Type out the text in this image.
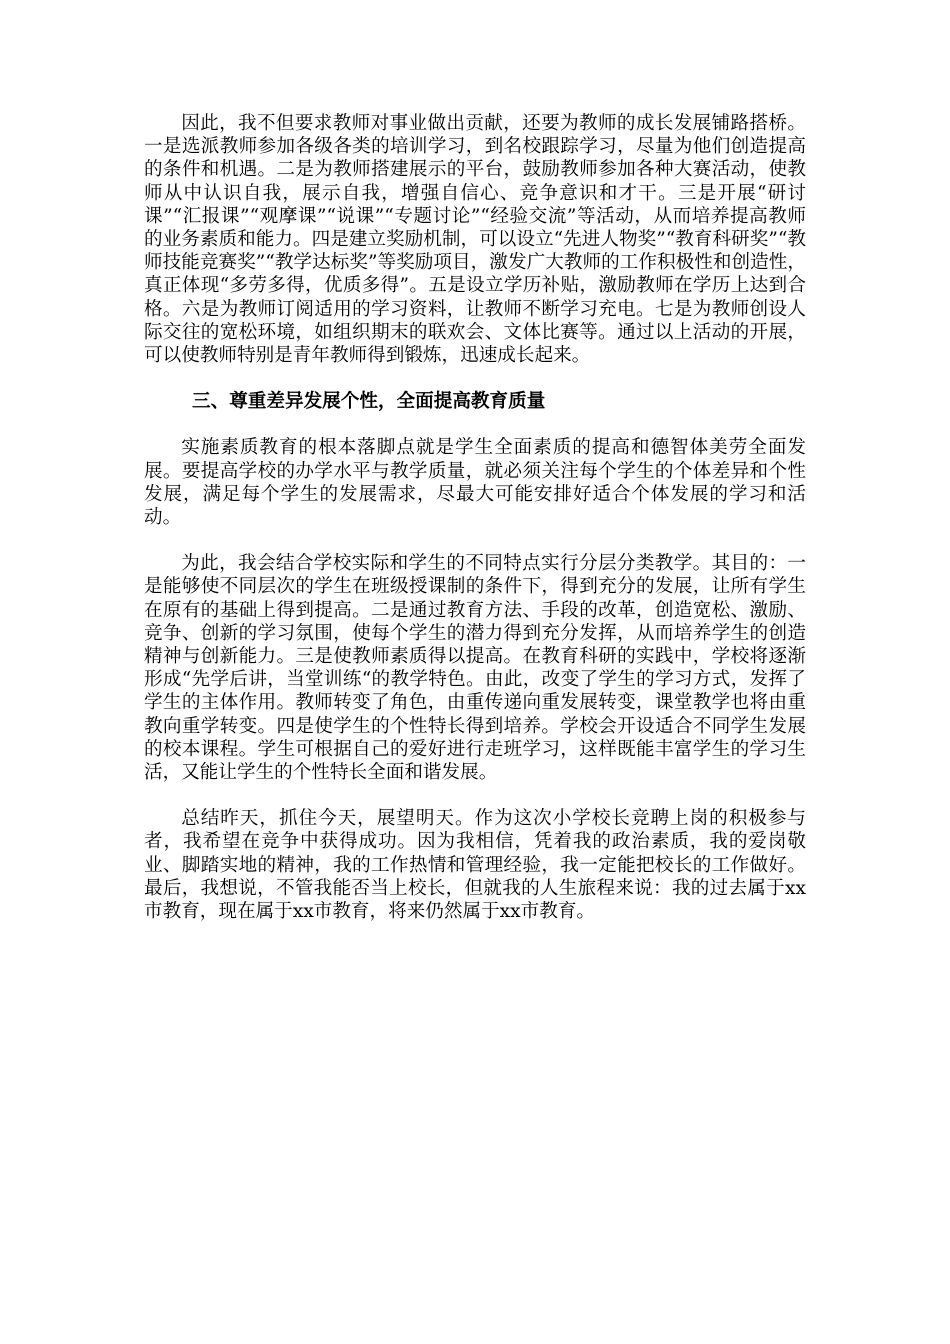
因此，我不但要求教师对事业做出贡献，还要为教师的成长发展铺路搭桥。一是选派教师参加各级各类的培训学习，到名校跟踪学习，尽量为他们创造提高的条件和机遇。二是为教师搭建展示的平台，鼓励教师参加各种大赛活动，使教师从中认识自我，展示自我，增强自信心、竞争意识和才干。三是开展“研讨课”“汇报课”“观摩课”“说课”“专题讨论”“经验交流”等活动，从而培养提高教师的业务素质和能力。四是建立奖励机制，可以设立“先进人物奖”“教育科研奖”“教师技能竞赛奖”“教学达标奖”等奖励项目，激发广大教师的工作积极性和创造性，真正体现“多劳多得，优质多得”。五是设立学历补贴，激励教师在学历上达到合格。六是为教师订阅适用的学习资料，让教师不断学习充电。七是为教师创设人际交往的宽松环境，如组织期末的联欢会、文体比赛等。通过以上活动的开展，可以使教师特别是青年教师得到锻炼，迅速成长起来。

三、尊重差异发展个性，全面提高教育质量

实施素质教育的根本落脚点就是学生全面素质的提高和德智体美劳全面发展。要提高学校的办学水平与教学质量，就必须关注每个学生的个体差异和个性发展，满足每个学生的发展需求，尽最大可能安排好适合个体发展的学习和活动。

为此，我会结合学校实际和学生的不同特点实行分层分类教学。其目的：一是能够使不同层次的学生在班级授课制的条件下，得到充分的发展，让所有学生在原有的基础上得到提高。二是通过教育方法、手段的改革，创造宽松、激励、竞争、创新的学习氛围，使每个学生的潜力得到充分发挥，从而培养学生的创造精神与创新能力。三是使教师素质得以提高。在教育科研的实践中，学校将逐渐形成“先学后讲，当堂训练“的教学特色。由此，改变了学生的学习方式，发挥了学生的主体作用。教师转变了角色，由重传递向重发展转变，课堂教学也将由重教向重学转变。四是使学生的个性特长得到培养。学校会开设适合不同学生发展的校本课程。学生可根据自己的爱好进行走班学习，这样既能丰富学生的学习生活，又能让学生的个性特长全面和谐发展。

总结昨天，抓住今天，展望明天。作为这次小学校长竞聘上岗的积极参与者，我希望在竞争中获得成功。因为我相信，凭着我的政治素质，我的爱岗敬业、脚踏实地的精神，我的工作热情和管理经验，我一定能把校长的工作做好。最后，我想说，不管我能否当上校长，但就我的人生旅程来说：我的过去属于xx市教育，现在属于xx市教育，将来仍然属于xx市教育。
